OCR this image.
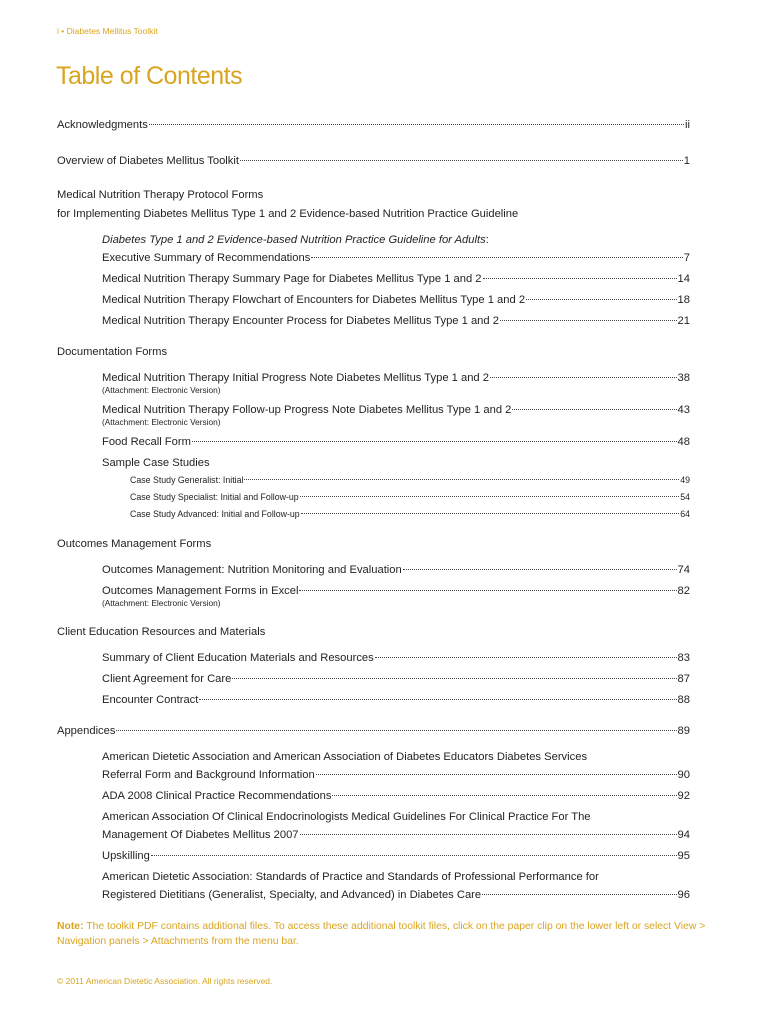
i • Diabetes Mellitus Toolkit
Table of Contents
Acknowledgments	ii
Overview of Diabetes Mellitus Toolkit	1
Medical Nutrition Therapy Protocol Forms
for Implementing Diabetes Mellitus Type 1 and 2 Evidence-based Nutrition Practice Guideline
Diabetes Type 1 and 2 Evidence-based Nutrition Practice Guideline for Adults:
Executive Summary of Recommendations	7
Medical Nutrition Therapy Summary Page for Diabetes Mellitus Type 1 and 2	14
Medical Nutrition Therapy Flowchart of Encounters for Diabetes Mellitus Type 1 and 2	18
Medical Nutrition Therapy Encounter Process for Diabetes Mellitus Type 1 and 2	21
Documentation Forms
Medical Nutrition Therapy Initial Progress Note Diabetes Mellitus Type 1 and 2	38
(Attachment: Electronic Version)
Medical Nutrition Therapy Follow-up Progress Note Diabetes Mellitus Type 1 and 2	43
(Attachment: Electronic Version)
Food Recall Form	48
Sample Case Studies
Case Study Generalist: Initial	49
Case Study Specialist: Initial and Follow-up	54
Case Study Advanced: Initial and Follow-up	64
Outcomes Management Forms
Outcomes Management: Nutrition Monitoring and Evaluation	74
Outcomes Management Forms in Excel	82
(Attachment: Electronic Version)
Client Education Resources and Materials
Summary of Client Education Materials and Resources	83
Client Agreement for Care	87
Encounter Contract	88
Appendices	89
American Dietetic Association and American Association of Diabetes Educators Diabetes Services
Referral Form and Background Information	90
ADA 2008 Clinical Practice Recommendations	92
American Association Of Clinical Endocrinologists Medical Guidelines For Clinical Practice For The
Management Of Diabetes Mellitus 2007	94
Upskilling	95
American Dietetic Association: Standards of Practice and Standards of Professional Performance for
Registered Dietitians (Generalist, Specialty, and Advanced) in Diabetes Care	96
Note: The toolkit PDF contains additional files. To access these additional toolkit files, click on the paper clip on the lower left or select View > Navigation panels > Attachments from the menu bar.
© 2011 American Dietetic Association. All rights reserved.
